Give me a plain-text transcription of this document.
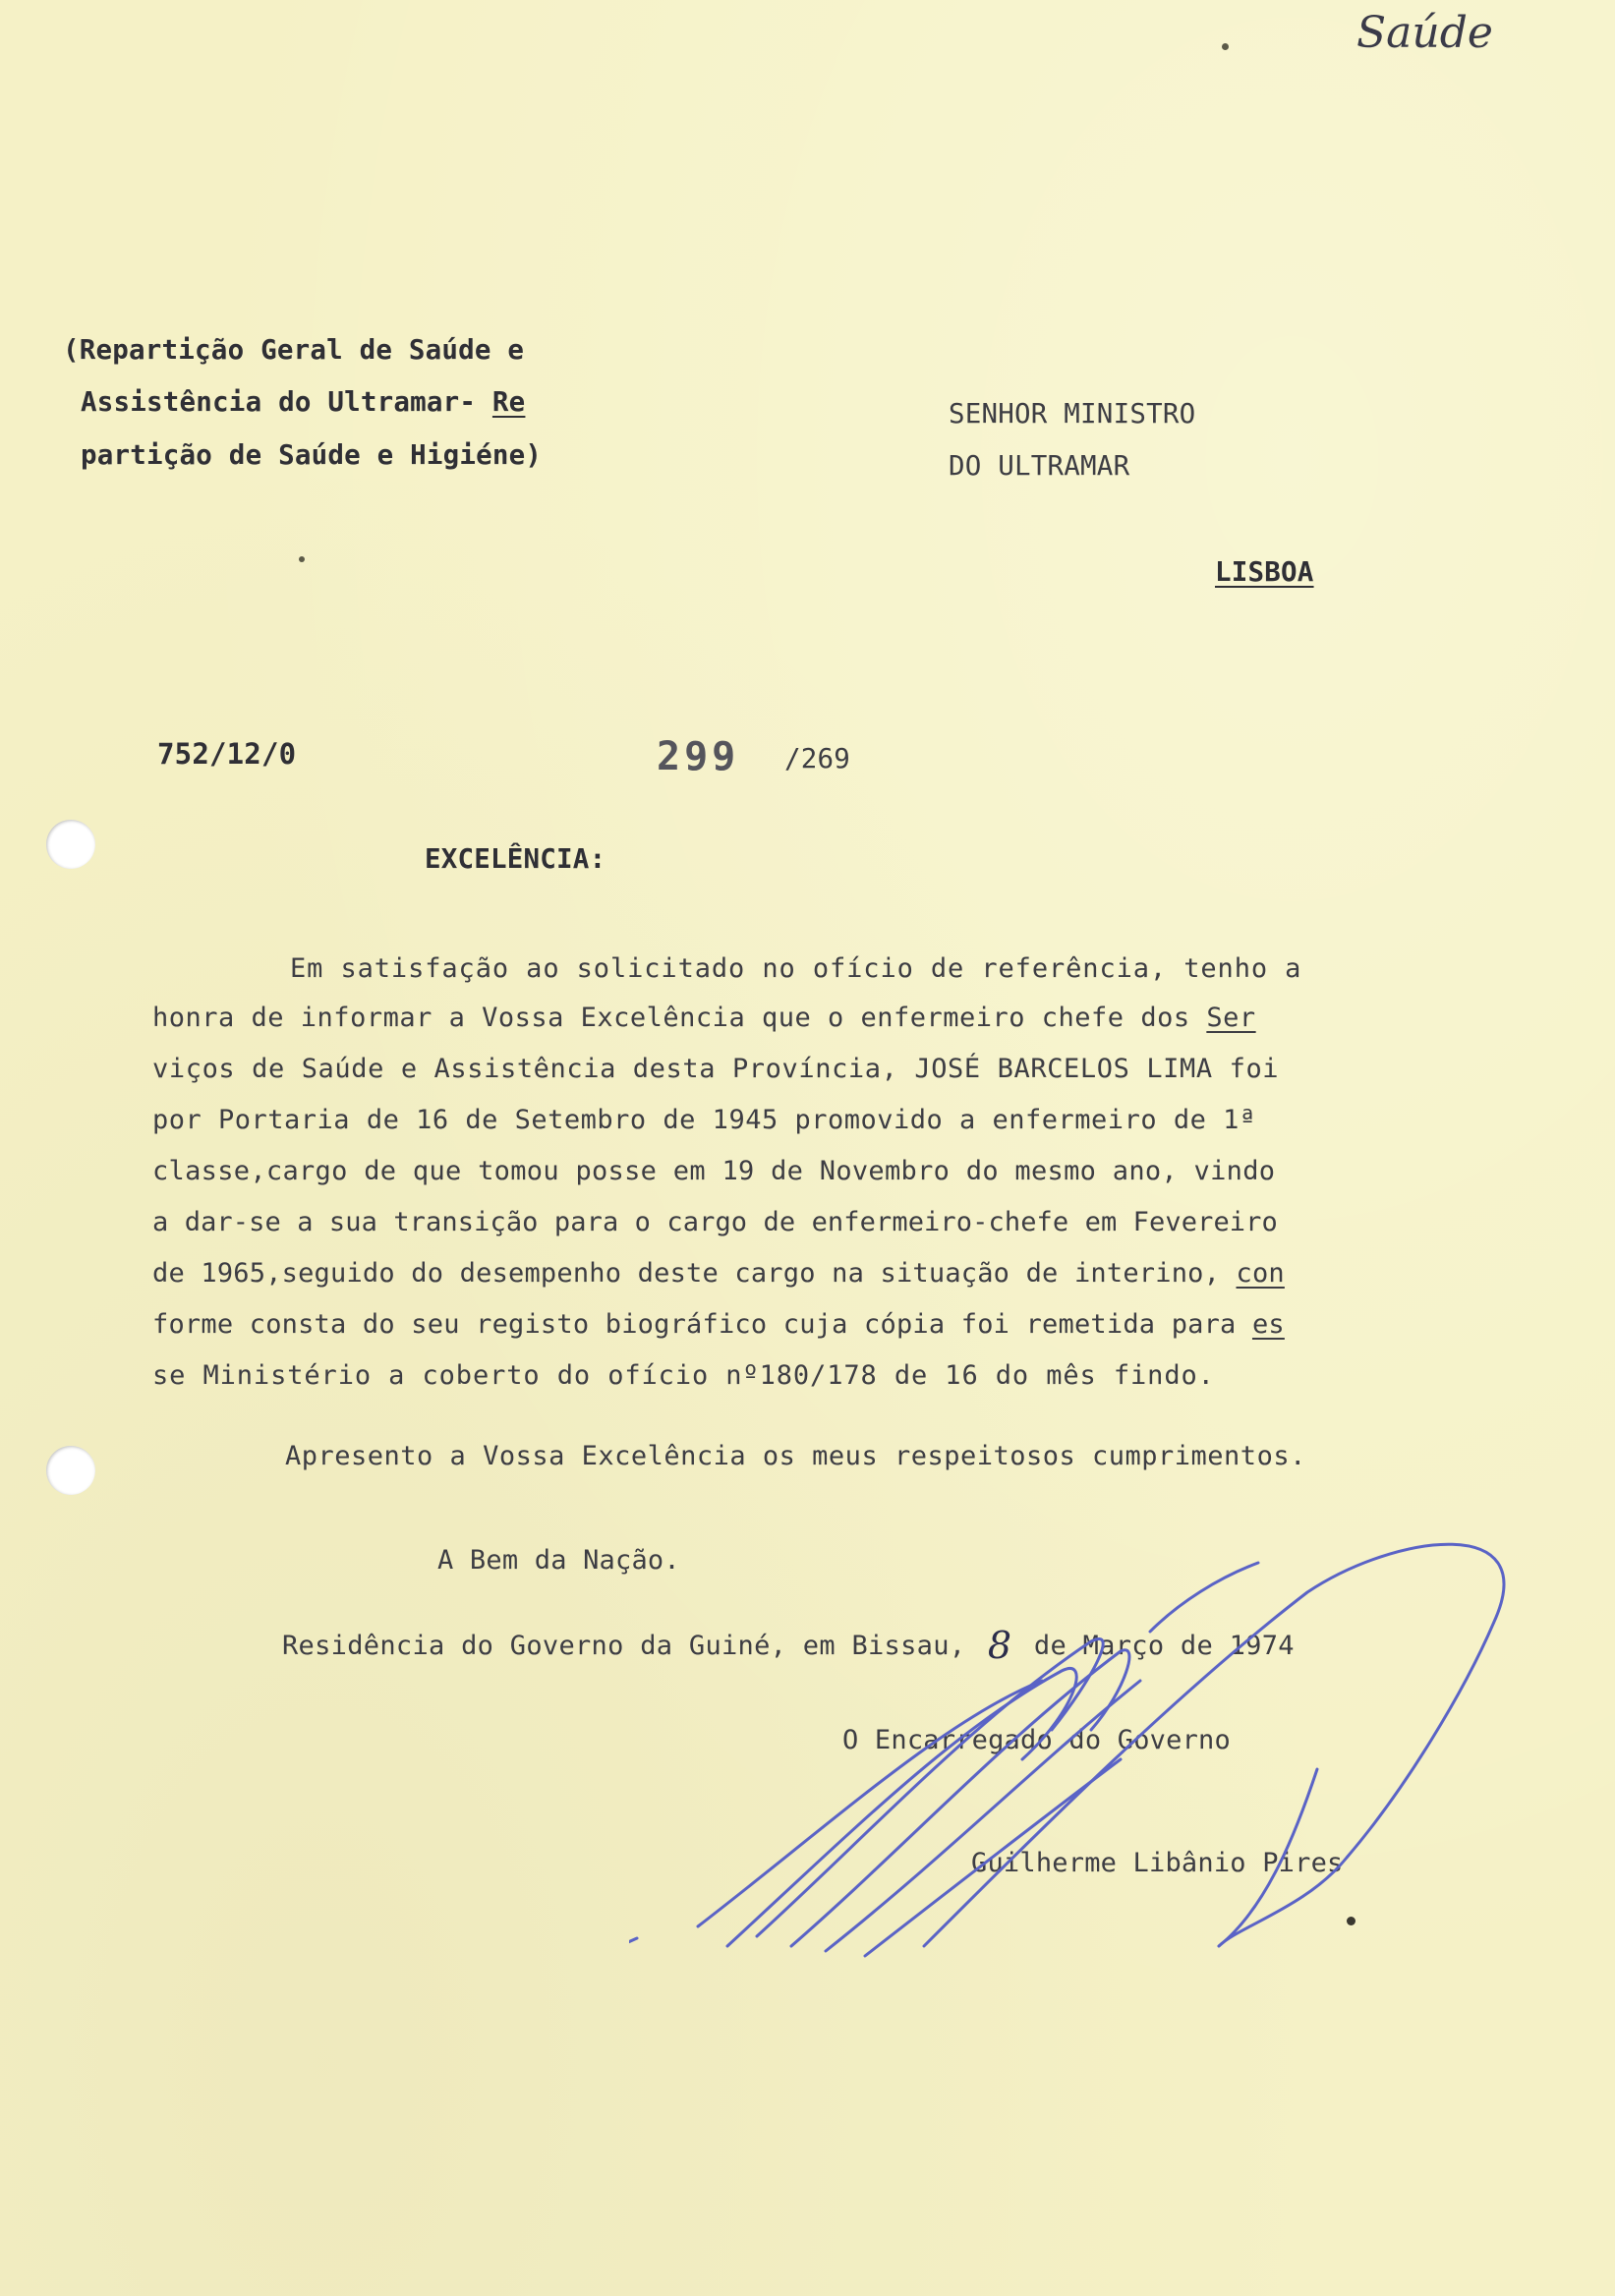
Saúde
(Repartição Geral de Saúde e
Assistência do Ultramar- Re
partição de Saúde e Higiéne)
SENHOR MINISTRO
DO ULTRAMAR
LISBOA
752/12/0	299 /269
EXCELÊNCIA:
Em satisfação ao solicitado no ofício de referência, tenho a
honra de informar a Vossa Excelência que o enfermeiro chefe dos Ser
viços de Saúde e Assistência desta Província, JOSÉ BARCELOS LIMA foi
por Portaria de 16 de Setembro de 1945 promovido a enfermeiro de 1ª
classe,cargo de que tomou posse em 19 de Novembro do mesmo ano, vindo
a dar-se a sua transição para o cargo de enfermeiro-chefe em Fevereiro
de 1965,seguido do desempenho deste cargo na situação de interino, con
forme consta do seu registo biográfico cuja cópia foi remetida para es
se Ministério a coberto do ofício nº180/178 de 16 do mês findo.
Apresento a Vossa Excelência os meus respeitosos cumprimentos.
A Bem da Nação.
Residência do Governo da Guiné, em Bissau, 8 de Março de 1974
O Encarregado do Governo
Guilherme Libânio Pires
